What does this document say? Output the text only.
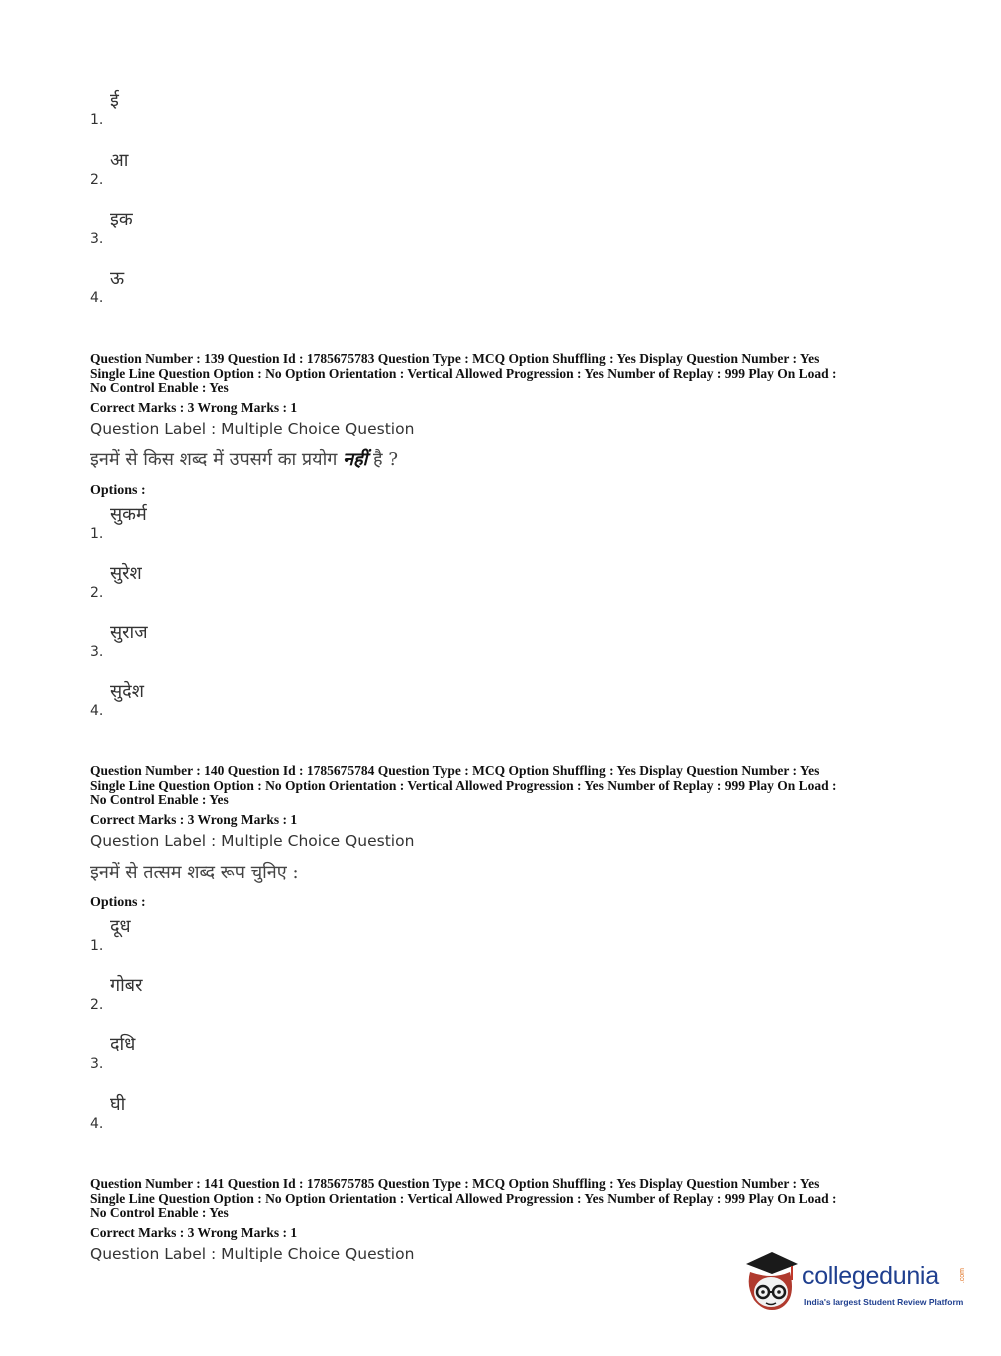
1.
ई
2.
आ
3.
इक
4.
ऊ
Question Number : 139 Question Id : 1785675783 Question Type : MCQ Option Shuffling : Yes Display Question Number : Yes
Single Line Question Option : No Option Orientation : Vertical Allowed Progression : Yes Number of Replay : 999 Play On Load :
No Control Enable : Yes
Correct Marks : 3 Wrong Marks : 1
Question Label : Multiple Choice Question
इनमें से किस शब्द में उपसर्ग का प्रयोग नहीं है ?
Options :
1.
सुकर्म
2.
सुरेश
3.
सुराज
4.
सुदेश
Question Number : 140 Question Id : 1785675784 Question Type : MCQ Option Shuffling : Yes Display Question Number : Yes
Single Line Question Option : No Option Orientation : Vertical Allowed Progression : Yes Number of Replay : 999 Play On Load :
No Control Enable : Yes
Correct Marks : 3 Wrong Marks : 1
Question Label : Multiple Choice Question
इनमें से तत्सम शब्द रूप चुनिए :
Options :
1.
दूध
2.
गोबर
3.
दधि
4.
घी
Question Number : 141 Question Id : 1785675785 Question Type : MCQ Option Shuffling : Yes Display Question Number : Yes
Single Line Question Option : No Option Orientation : Vertical Allowed Progression : Yes Number of Replay : 999 Play On Load :
No Control Enable : Yes
Correct Marks : 3 Wrong Marks : 1
Question Label : Multiple Choice Question
collegedunia	.com
India's largest Student Review Platform
